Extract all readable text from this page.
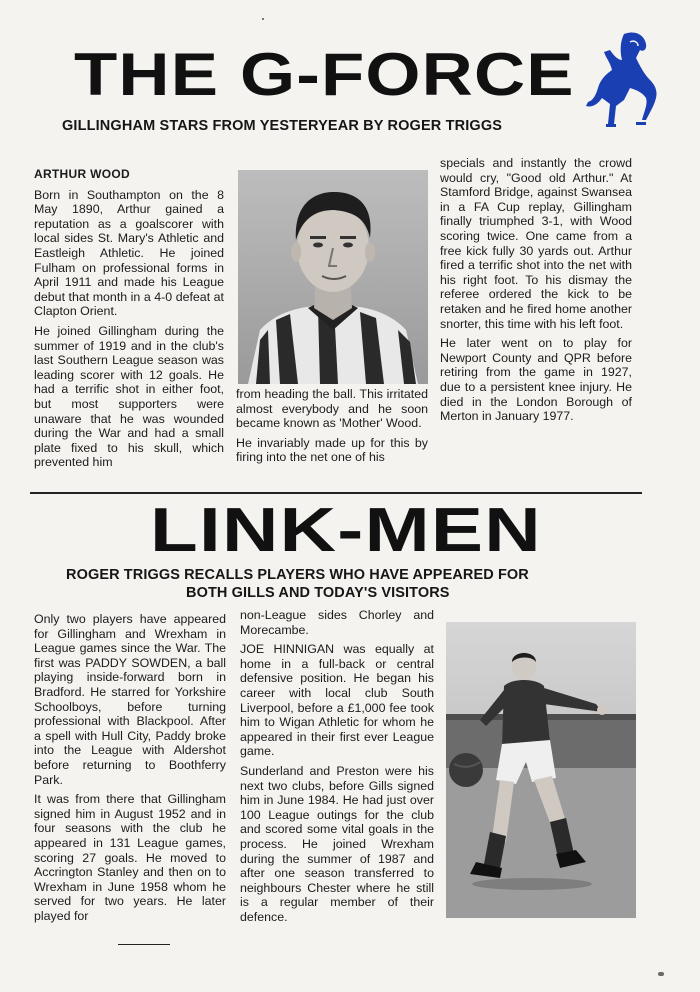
THE G-FORCE
GILLINGHAM STARS FROM YESTERYEAR BY ROGER TRIGGS
ARTHUR WOOD

Born in Southampton on the 8 May 1890, Arthur gained a reputation as a goalscorer with local sides St. Mary's Athletic and Eastleigh Athletic. He joined Fulham on professional forms in April 1911 and made his League debut that month in a 4-0 defeat at Clapton Orient.

He joined Gillingham during the summer of 1919 and in the club's last Southern League season was leading scorer with 12 goals. He had a terrific shot in either foot, but most supporters were unaware that he was wounded during the War and had a small plate fixed to his skull, which prevented him

from heading the ball. This irritated almost everybody and he soon became known as 'Mother' Wood.

He invariably made up for this by firing into the net one of his

specials and instantly the crowd would cry, "Good old Arthur." At Stamford Bridge, against Swansea in a FA Cup replay, Gillingham finally triumphed 3-1, with Wood scoring twice. One came from a free kick fully 30 yards out. Arthur fired a terrific shot into the net with his right foot. To his dismay the referee ordered the kick to be retaken and he fired home another snorter, this time with his left foot.

He later went on to play for Newport County and QPR before retiring from the game in 1927, due to a persistent knee injury. He died in the London Borough of Merton in January 1977.

LINK-MEN
ROGER TRIGGS RECALLS PLAYERS WHO HAVE APPEARED FOR
BOTH GILLS AND TODAY'S VISITORS

Only two players have appeared for Gillingham and Wrexham in League games since the War. The first was PADDY SOWDEN, a ball playing inside-forward born in Bradford. He starred for Yorkshire Schoolboys, before turning professional with Blackpool. After a spell with Hull City, Paddy broke into the League with Aldershot before returning to Boothferry Park.

It was from there that Gillingham signed him in August 1952 and in four seasons with the club he appeared in 131 League games, scoring 27 goals. He moved to Accrington Stanley and then on to Wrexham in June 1958 whom he served for two years. He later played for

non-League sides Chorley and Morecambe.

JOE HINNIGAN was equally at home in a full-back or central defensive position. He began his career with local club South Liverpool, before a £1,000 fee took him to Wigan Athletic for whom he appeared in their first ever League game.

Sunderland and Preston were his next two clubs, before Gills signed him in June 1984. He had just over 100 League outings for the club and scored some vital goals in the process. He joined Wrexham during the summer of 1987 and after one season transferred to neighbours Chester where he still is a regular member of their defence.
